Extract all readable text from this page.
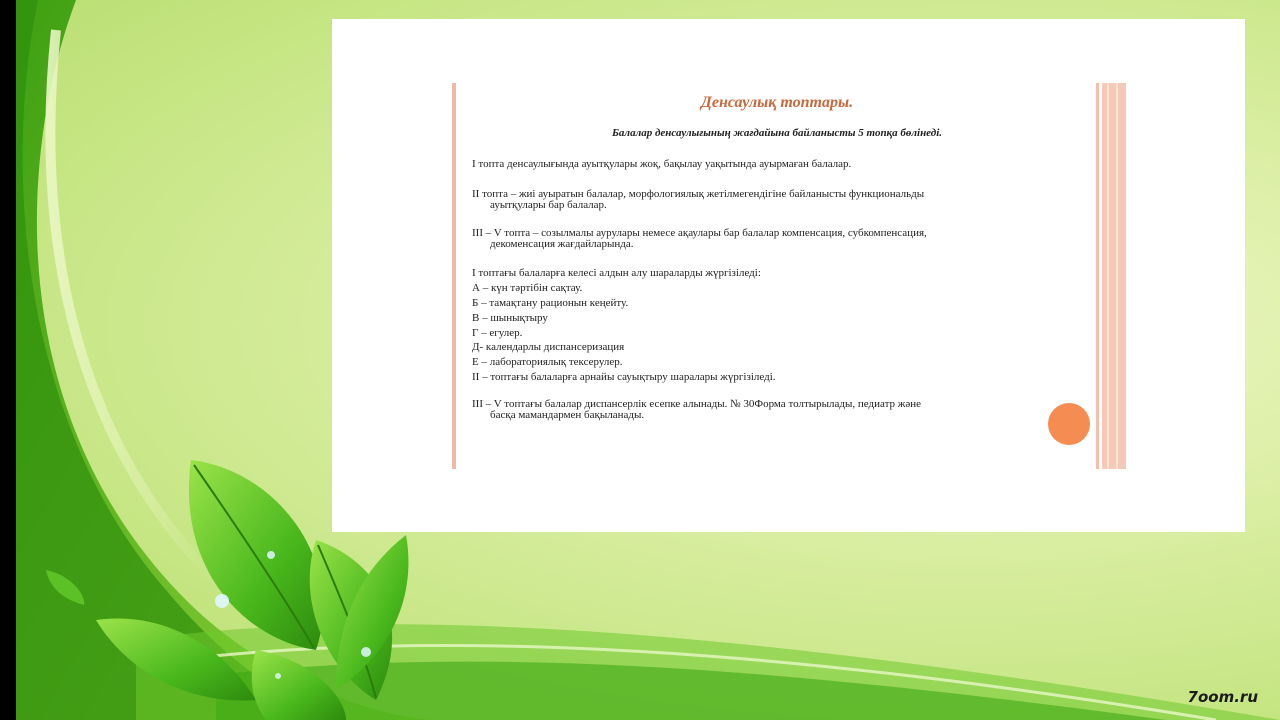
Денсаулық топтары.

Балалар денсаулығының жағдайына байланысты 5 топқа бөлінеді.

I топта денсаулығында ауытқулары жоқ, бақылау уақытында ауырмаған балалар.

II топта – жиі ауыратын балалар, морфологиялық жетілмегендігіне байланысты функциональды
ауытқулары бар балалар.

III – V топта – созылмалы аурулары немесе ақаулары бар балалар компенсация, субкомпенсация,
декоменсация жағдайларында.

I топтағы балаларға келесі алдын алу шараларды жүргізіледі:

А – күн тәртібін сақтау.

Б – тамақтану рационын кеңейту.

В – шынықтыру

Г – егулер.

Д- календарлы диспансеризация

Е – лабораториялық тексерулер.

II – топтағы балаларға арнайы сауықтыру шаралары жүргізіледі.

III – V топтағы балалар диспансерлік есепке алынады. № 30Форма толтырылады, педиатр және
басқа мамандармен бақыланады.

7oom.ru
